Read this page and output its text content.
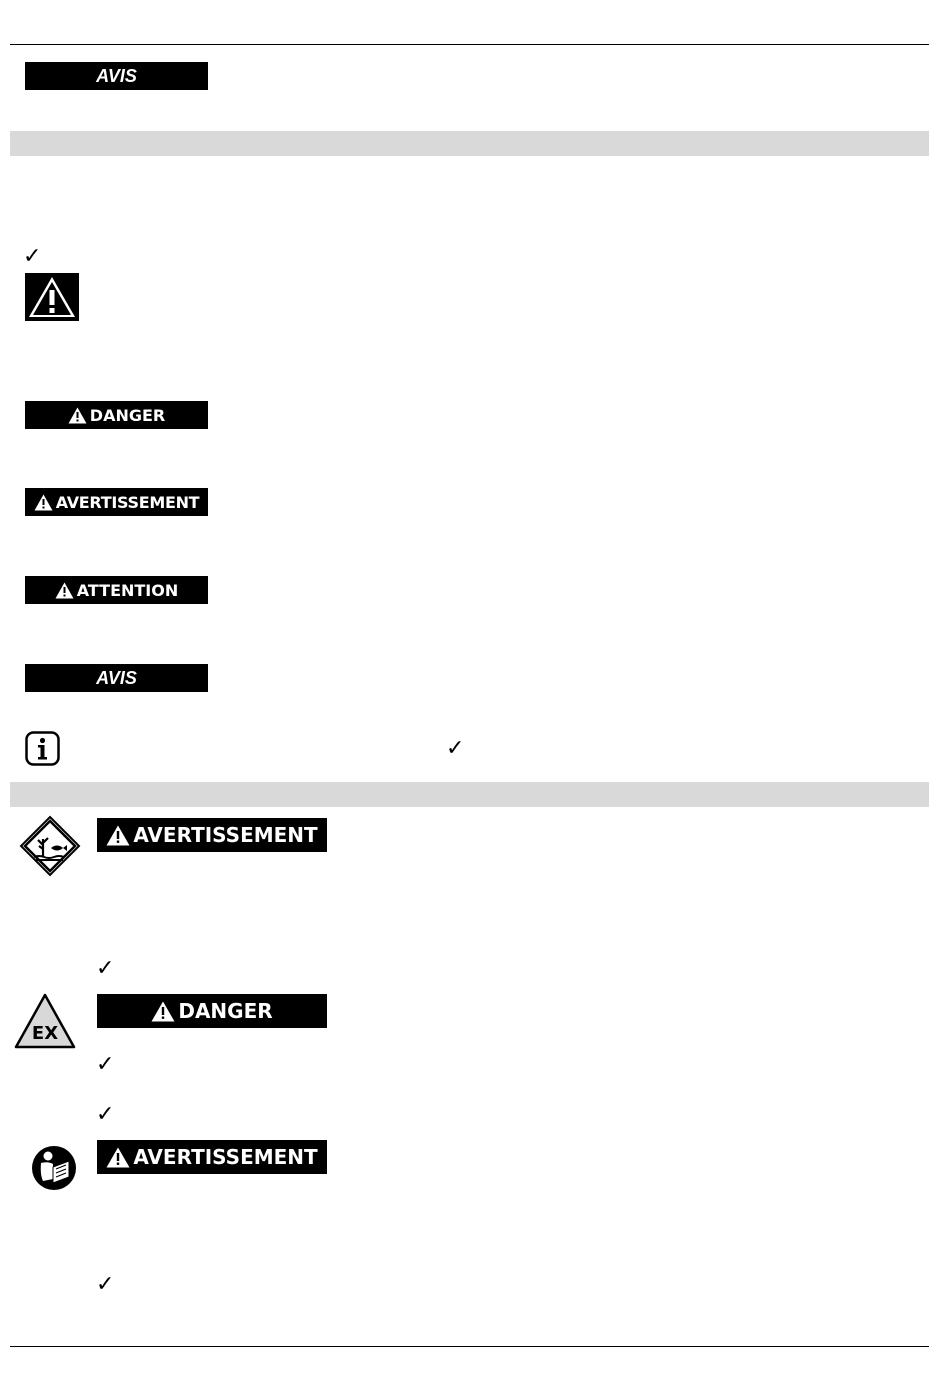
AVIS
✓
DANGER
AVERTISSEMENT
ATTENTION
AVIS
✓
AVERTISSEMENT
✓
EX
DANGER
✓
✓
AVERTISSEMENT
✓
